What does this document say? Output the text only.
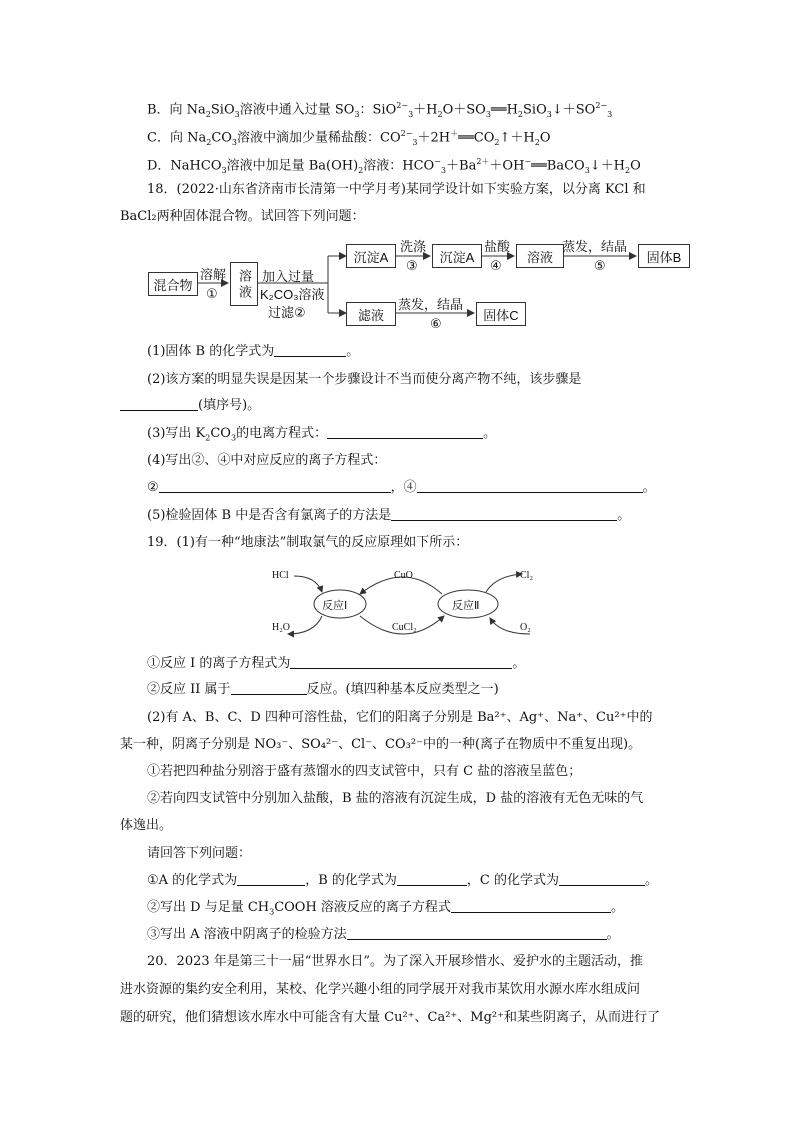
B．向 $Na_2SiO_3$溶液中通入过量 $SO_3$：$SiO^{2-}_3+H_2O+SO_3══H_2SiO_3↓+SO^{2-}_3$
C．向 $Na_2CO_3$溶液中滴加少量稀盐酸：$CO^{2-}_3+2H^+══CO_2↑+H_2O$
D．NaHCO$_3$溶液中加足量 $Ba(OH)_2$溶液：$HCO^-_3+Ba^{2+}+OH^-══BaCO_3↓+H_2O$
18．(2022·山东省济南市长清第一中学月考)某同学设计如下实验方案，以分离 KCl 和
BaCl₂两种固体混合物。试回答下列问题：
混合物
溶解
① 溶液 加入过量
K₂CO₃溶液
过滤②
沉淀A
洗涤
③
沉淀A
盐酸
④
溶液
蒸发，结晶
⑤
固体B
滤液
蒸发，结晶
⑥
固体C
(1)固体 B 的化学式为	。
(2)该方案的明显失误是因某一个步骤设计不当而使分离产物不纯，该步骤是
(填序号)。
(3)写出 $K_2CO_3$的电离方程式：	。
(4)写出②、④中对应反应的离子方程式：
②	，④	。
(5)检验固体 B 中是否含有氯离子的方法是	。
19．(1)有一种“地康法”制取氯气的反应原理如下所示：
HCl
H₂O
CuO
CuCl₂
Cl₂
O₂
反应Ⅰ	反应Ⅱ
①反应 I 的离子方程式为	。
②反应 II 属于	反应。(填四种基本反应类型之一)
(2)有 A、B、C、D 四种可溶性盐，它们的阳离子分别是 Ba²⁺、Ag⁺、Na⁺、Cu²⁺中的
某一种，阴离子分别是 NO₃⁻、SO₄²⁻、Cl⁻、CO₃²⁻中的一种(离子在物质中不重复出现)。
①若把四种盐分别溶于盛有蒸馏水的四支试管中，只有 C 盐的溶液呈蓝色；
②若向四支试管中分别加入盐酸，B 盐的溶液有沉淀生成，D 盐的溶液有无色无味的气
体逸出。
请回答下列问题：
①A 的化学式为	，B 的化学式为	，C 的化学式为	。
②写出 D 与足量 $CH_3COOH$ 溶液反应的离子方程式	。
③写出 A 溶液中阴离子的检验方法	。
20．2023 年是第三十一届“世界水日”。为了深入开展珍惜水、爱护水的主题活动，推
进水资源的集约安全利用，某校、化学兴趣小组的同学展开对我市某饮用水源水库水组成问
题的研究，他们猜想该水库水中可能含有大量 Cu²⁺、Ca²⁺、Mg²⁺和某些阴离子，从而进行了
